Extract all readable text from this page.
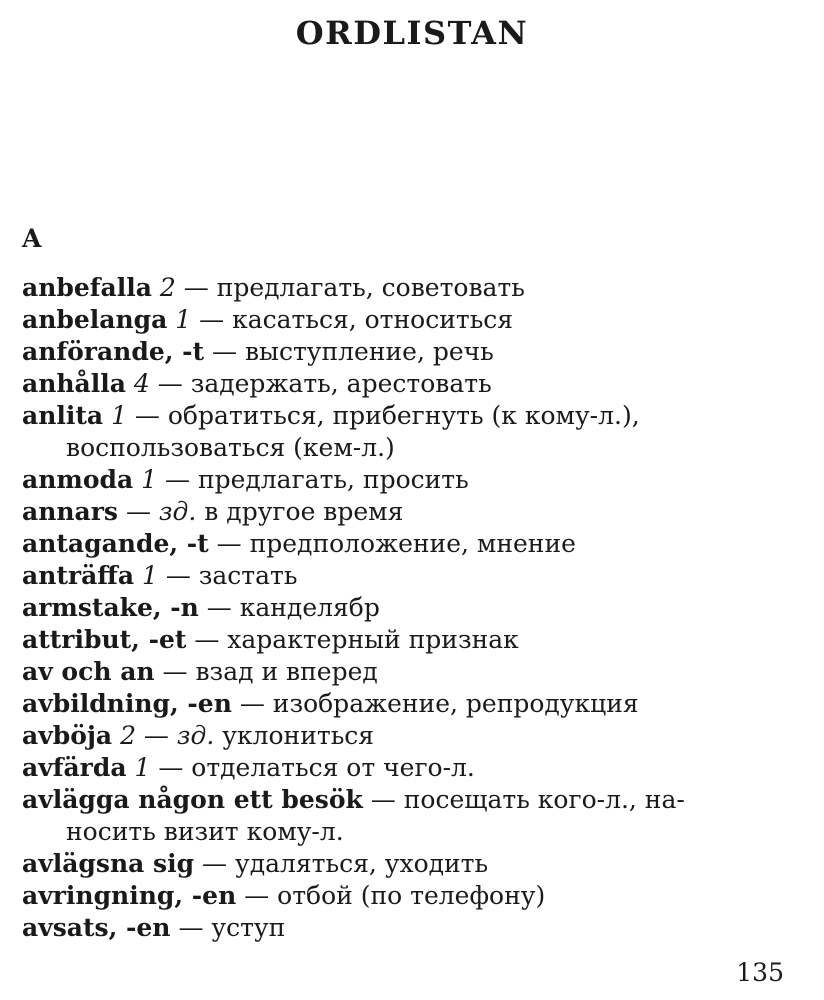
ORDLISTAN
A
anbefalla 2 — предлагать, советовать
anbelanga 1 — касаться, относиться
anförande, -t — выступление, речь
anhålla 4 — задержать, арестовать
anlita 1 — обратиться, прибегнуть (к кому-л.),
воспользоваться (кем-л.)
anmoda 1 — предлагать, просить
annars — зд. в другое время
antagande, -t — предположение, мнение
anträffa 1 — застать
armstake, -n — канделябр
attribut, -et — характерный признак
av och an — взад и вперед
avbildning, -en — изображение, репродукция
avböja 2 — зд. уклониться
avfärda 1 — отделаться от чего-л.
avlägga någon ett besök — посещать кого-л., на-
носить визит кому-л.
avlägsna sig — удаляться, уходить
avringning, -en — отбой (по телефону)
avsats, -en — уступ
135
